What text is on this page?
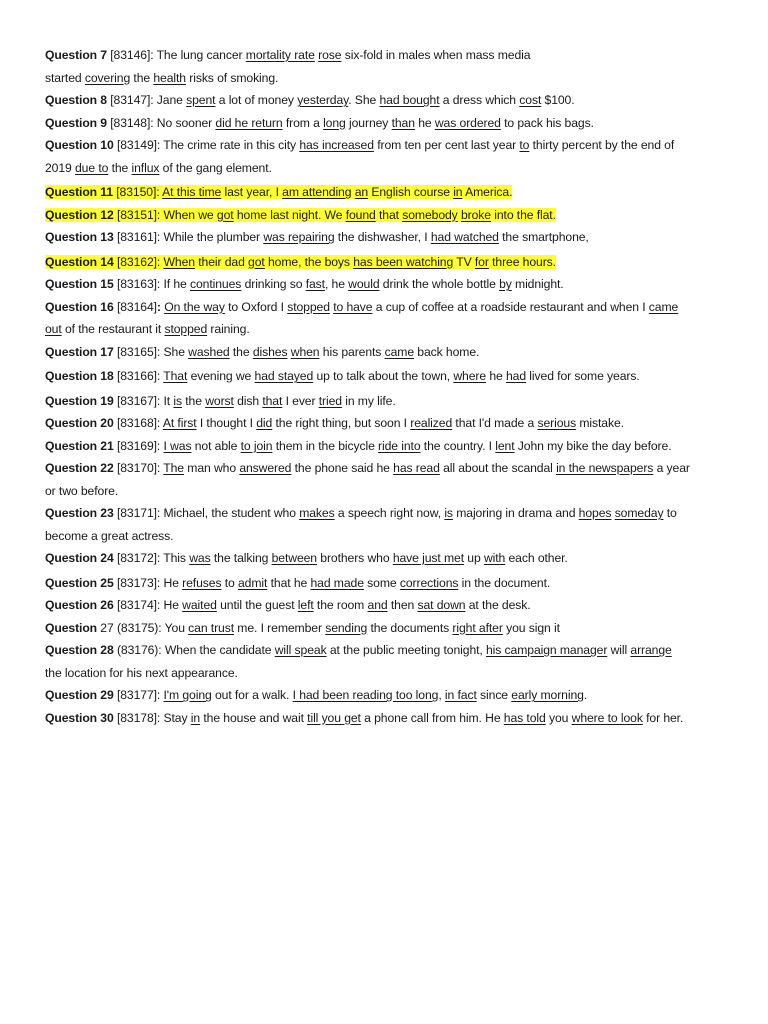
Question 7 [83146]: The lung cancer mortality rate rose six-fold in males when mass media
started covering the health risks of smoking.

Question 8 [83147]: Jane spent a lot of money yesterday. She had bought a dress which cost $100.

Question 9 [83148]: No sooner did he return from a long journey than he was ordered to pack his bags.

Question 10 [83149]: The crime rate in this city has increased from ten per cent last year to thirty percent by the end of
2019 due to the influx of the gang element.

Question 11 [83150]: At this time last year, I am attending an English course in America.

Question 12 [83151]: When we got home last night. We found that somebody broke into the flat.

Question 13 [83161]: While the plumber was repairing the dishwasher, I had watched the smartphone,

Question 14 [83162]: When their dad got home, the boys has been watching TV for three hours.

Question 15 [83163]: If he continues drinking so fast, he would drink the whole bottle by midnight.

Question 16 [83164]: On the way to Oxford I stopped to have a cup of coffee at a roadside restaurant and when I came
out of the restaurant it stopped raining.

Question 17 [83165]: She washed the dishes when his parents came back home.

Question 18 [83166]: That evening we had stayed up to talk about the town, where he had lived for some years.

Question 19 [83167]: It is the worst dish that I ever tried in my life.

Question 20 [83168]: At first I thought I did the right thing, but soon I realized that I'd made a serious mistake.

Question 21 [83169]: I was not able to join them in the bicycle ride into the country. I lent John my bike the day before.

Question 22 [83170]: The man who answered the phone said he has read all about the scandal in the newspapers a year
or two before.

Question 23 [83171]: Michael, the student who makes a speech right now, is majoring in drama and hopes someday to
become a great actress.

Question 24 [83172]: This was the talking between brothers who have just met up with each other.

Question 25 [83173]: He refuses to admit that he had made some corrections in the document.

Question 26 [83174]: He waited until the guest left the room and then sat down at the desk.

Question 27 (83175): You can trust me. I remember sending the documents right after you sign it

Question 28 (83176): When the candidate will speak at the public meeting tonight, his campaign manager will arrange
the location for his next appearance.

Question 29 [83177]: I'm going out for a walk. I had been reading too long, in fact since early morning.

Question 30 [83178]: Stay in the house and wait till you get a phone call from him. He has told you where to look for her.
